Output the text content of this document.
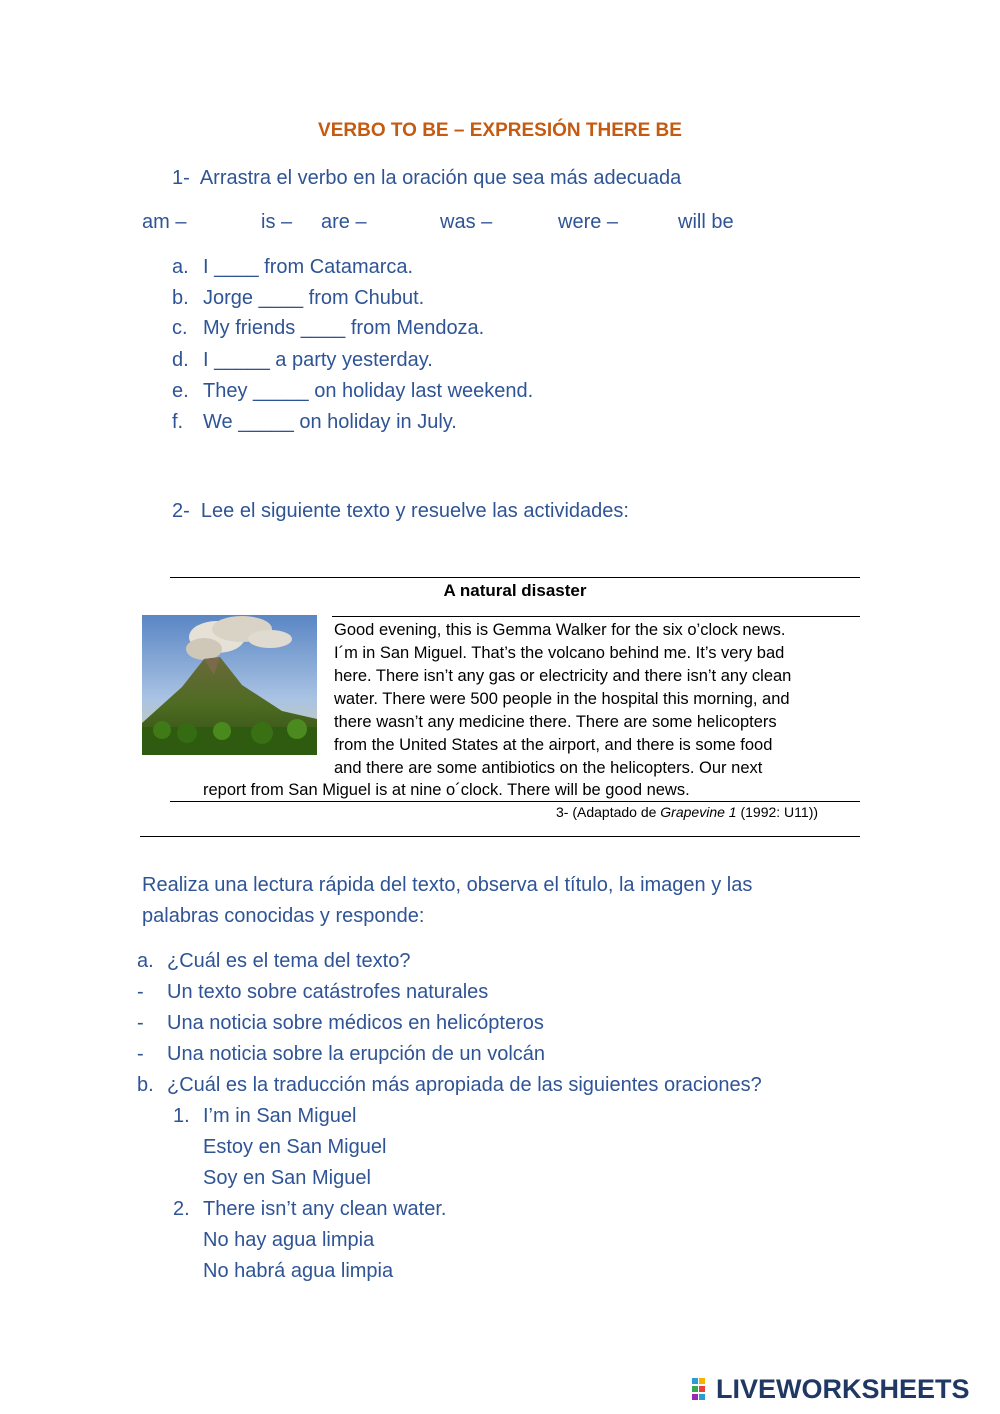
VERBO TO BE – EXPRESIÓN THERE BE
1- Arrastra el verbo en la oración que sea más adecuada
am –	is – are –	was –	were –	will be
a. I ____ from Catamarca.
b. Jorge ____ from Chubut.
c. My friends ____ from Mendoza.
d. I _____ a party yesterday.
e. They _____ on holiday last weekend.
f. We _____ on holiday in July.
2- Lee el siguiente texto y resuelve las actividades:
A natural disaster
Good evening, this is Gemma Walker for the six o’clock news.
I´m in San Miguel. That’s the volcano behind me. It’s very bad
here. There isn’t any gas or electricity and there isn’t any clean
water. There were 500 people in the hospital this morning, and
there wasn’t any medicine there. There are some helicopters
from the United States at the airport, and there is some food
and there are some antibiotics on the helicopters. Our next
report from San Miguel is at nine o´clock. There will be good news.
3- (Adaptado de Grapevine 1 (1992: U11))
Realiza una lectura rápida del texto, observa el título, la imagen y las
palabras conocidas y responde:
a. ¿Cuál es el tema del texto?
- Un texto sobre catástrofes naturales
- Una noticia sobre médicos en helicópteros
- Una noticia sobre la erupción de un volcán
b. ¿Cuál es la traducción más apropiada de las siguientes oraciones?
1. I’m in San Miguel
Estoy en San Miguel
Soy en San Miguel
2. There isn’t any clean water.
No hay agua limpia
No habrá agua limpia
LIVEWORKSHEETS
